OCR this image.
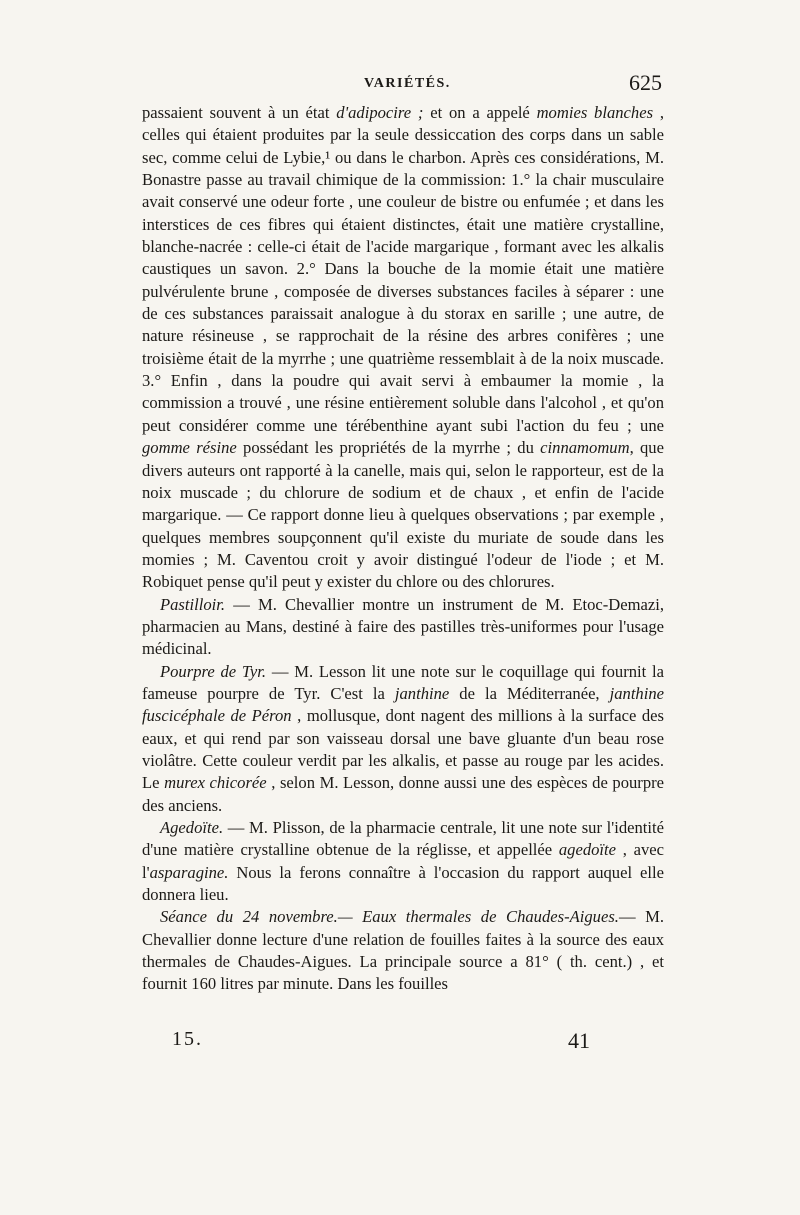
VARIÉTÉS.	625

passaient souvent à un état d'adipocire ; et on a appelé momies blanches , celles qui étaient produites par la seule dessiccation des corps dans un sable sec, comme celui de Lybie,¹ ou dans le charbon. Après ces considérations, M. Bonastre passe au travail chimique de la commission: 1.° la chair musculaire avait conservé une odeur forte , une couleur de bistre ou enfumée ; et dans les interstices de ces fibres qui étaient distinctes, était une matière crystalline, blanche-nacrée : celle-ci était de l'acide margarique , formant avec les alkalis caustiques un savon. 2.° Dans la bouche de la momie était une matière pulvérulente brune , composée de diverses substances faciles à séparer : une de ces substances paraissait analogue à du storax en sarille ; une autre, de nature résineuse , se rapprochait de la résine des arbres conifères ; une troisième était de la myrrhe ; une quatrième ressemblait à de la noix muscade. 3.° Enfin , dans la poudre qui avait servi à embaumer la momie , la commission a trouvé , une résine entièrement soluble dans l'alcohol , et qu'on peut considérer comme une térébenthine ayant subi l'action du feu ; une gomme résine possédant les propriétés de la myrrhe ; du cinnamomum, que divers auteurs ont rapporté à la canelle, mais qui, selon le rapporteur, est de la noix muscade ; du chlorure de sodium et de chaux , et enfin de l'acide margarique. — Ce rapport donne lieu à quelques observations ; par exemple , quelques membres soupçonnent qu'il existe du muriate de soude dans les momies ; M. Caventou croit y avoir distingué l'odeur de l'iode ; et M. Robiquet pense qu'il peut y exister du chlore ou des chlorures.

Pastilloir. — M. Chevallier montre un instrument de M. Etoc-Demazi, pharmacien au Mans, destiné à faire des pastilles très-uniformes pour l'usage médicinal.

Pourpre de Tyr. — M. Lesson lit une note sur le coquillage qui fournit la fameuse pourpre de Tyr. C'est la janthine de la Méditerranée, janthine fuscicéphale de Péron , mollusque, dont nagent des millions à la surface des eaux, et qui rend par son vaisseau dorsal une bave gluante d'un beau rose violâtre. Cette couleur verdit par les alkalis, et passe au rouge par les acides. Le murex chicorée , selon M. Lesson, donne aussi une des espèces de pourpre des anciens.

Agedoïte. — M. Plisson, de la pharmacie centrale, lit une note sur l'identité d'une matière crystalline obtenue de la réglisse, et appellée agedoïte , avec l'asparagine. Nous la ferons connaître à l'occasion du rapport auquel elle donnera lieu.

Séance du 24 novembre.— Eaux thermales de Chaudes-Aigues.— M. Chevallier donne lecture d'une relation de fouilles faites à la source des eaux thermales de Chaudes-Aigues. La principale source a 81° ( th. cent.) , et fournit 160 litres par minute. Dans les fouilles

15.	41
